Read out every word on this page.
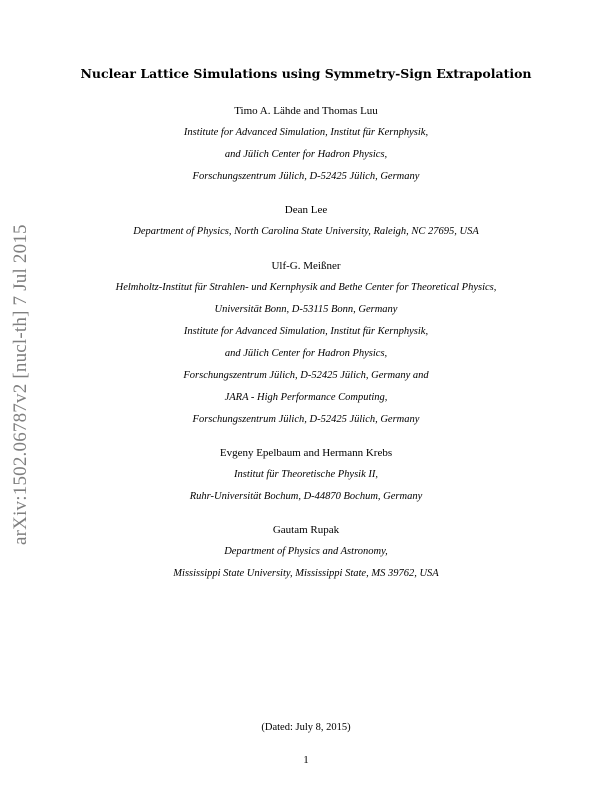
arXiv:1502.06787v2 [nucl-th] 7 Jul 2015
Nuclear Lattice Simulations using Symmetry-Sign Extrapolation
Timo A. Lähde and Thomas Luu
Institute for Advanced Simulation, Institut für Kernphysik,
and Jülich Center for Hadron Physics,
Forschungszentrum Jülich, D-52425 Jülich, Germany
Dean Lee
Department of Physics, North Carolina State University, Raleigh, NC 27695, USA
Ulf-G. Meißner
Helmholtz-Institut für Strahlen- und Kernphysik and Bethe Center for Theoretical Physics,
Universität Bonn, D-53115 Bonn, Germany
Institute for Advanced Simulation, Institut für Kernphysik,
and Jülich Center for Hadron Physics,
Forschungszentrum Jülich, D-52425 Jülich, Germany and
JARA - High Performance Computing,
Forschungszentrum Jülich, D-52425 Jülich, Germany
Evgeny Epelbaum and Hermann Krebs
Institut für Theoretische Physik II,
Ruhr-Universität Bochum, D-44870 Bochum, Germany
Gautam Rupak
Department of Physics and Astronomy,
Mississippi State University, Mississippi State, MS 39762, USA
(Dated: July 8, 2015)
1
